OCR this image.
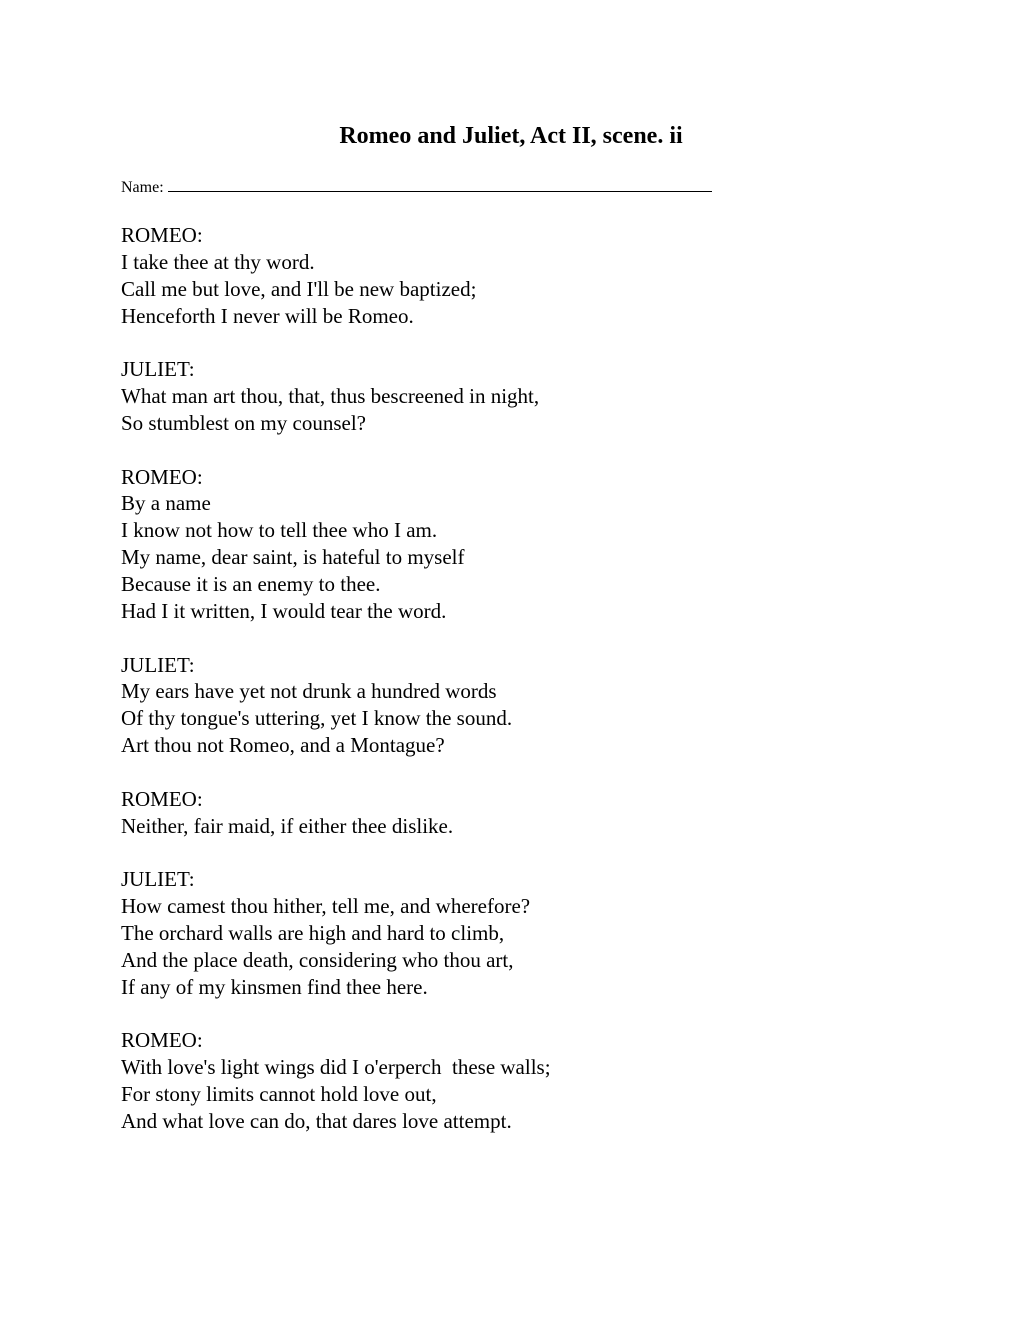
Romeo and Juliet, Act II, scene. ii
Name:
ROMEO:
I take thee at thy word.
Call me but love, and I'll be new baptized;
Henceforth I never will be Romeo.
JULIET:
What man art thou, that, thus bescreened in night,
So stumblest on my counsel?
ROMEO:
By a name
I know not how to tell thee who I am.
My name, dear saint, is hateful to myself
Because it is an enemy to thee.
Had I it written, I would tear the word.
JULIET:
My ears have yet not drunk a hundred words
Of thy tongue's uttering, yet I know the sound.
Art thou not Romeo, and a Montague?
ROMEO:
Neither, fair maid, if either thee dislike.
JULIET:
How camest thou hither, tell me, and wherefore?
The orchard walls are high and hard to climb,
And the place death, considering who thou art,
If any of my kinsmen find thee here.
ROMEO:
With love's light wings did I o'erperch  these walls;
For stony limits cannot hold love out,
And what love can do, that dares love attempt.
